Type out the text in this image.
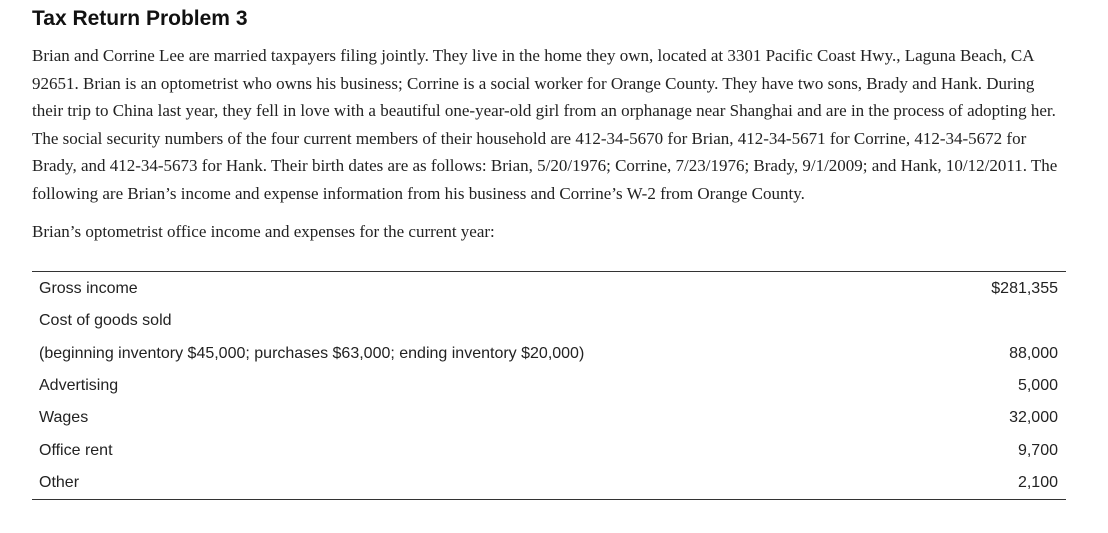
Tax Return Problem 3

Brian and Corrine Lee are married taxpayers filing jointly. They live in the home they own, located at 3301 Pacific Coast Hwy., Laguna Beach, CA 92651. Brian is an optometrist who owns his business; Corrine is a social worker for Orange County. They have two sons, Brady and Hank. During their trip to China last year, they fell in love with a beautiful one-year-old girl from an orphanage near Shanghai and are in the process of adopting her. The social security numbers of the four current members of their household are 412-34-5670 for Brian, 412-34-5671 for Corrine, 412-34-5672 for Brady, and 412-34-5673 for Hank. Their birth dates are as follows: Brian, 5/20/1976; Corrine, 7/23/1976; Brady, 9/1/2009; and Hank, 10/12/2011. The following are Brian’s income and expense information from his business and Corrine’s W-2 from Orange County.

Brian’s optometrist office income and expenses for the current year:

Gross income	$281,355
Cost of goods sold
(beginning inventory $45,000; purchases $63,000; ending inventory $20,000)	88,000
Advertising	5,000
Wages	32,000
Office rent	9,700
Other	2,100
